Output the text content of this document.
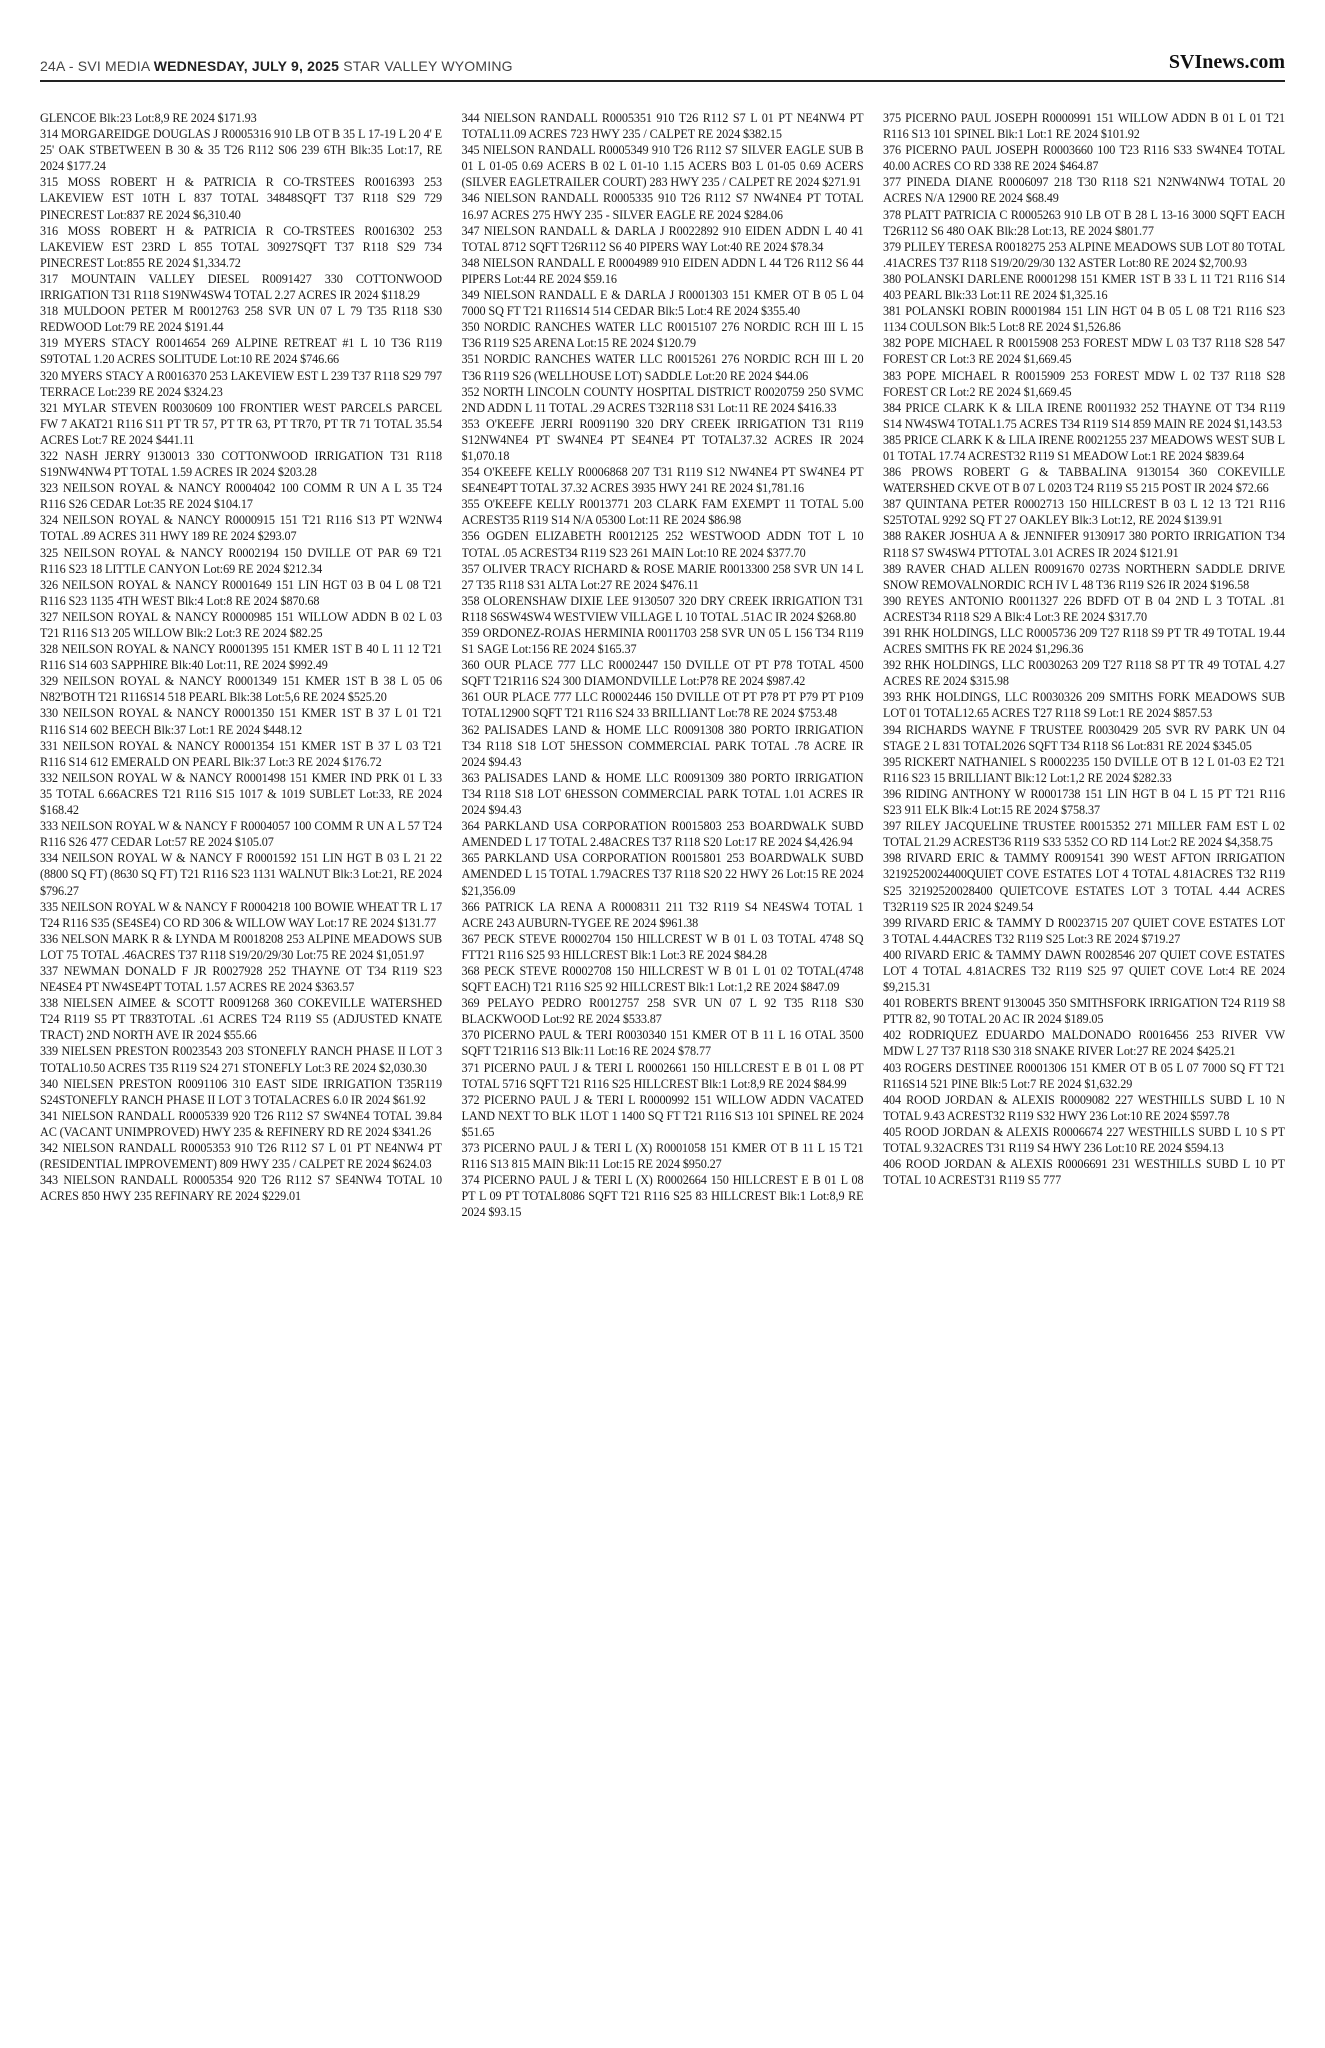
24A - SVI MEDIA WEDNESDAY, JULY 9, 2025 STAR VALLEY WYOMING	SVInews.com

GLENCOE Blk:23 Lot:8,9 RE 2024 $171.93

314 MORGAREIDGE DOUGLAS J R0005316 910 LB OT B 35 L 17-19 L 20 4' E 25' OAK STBETWEEN B 30 & 35 T26 R112 S06 239 6TH Blk:35 Lot:17, RE 2024 $177.24

315 MOSS ROBERT H & PATRICIA R CO-TRSTEES R0016393 253 LAKEVIEW EST 10TH L 837 TOTAL 34848SQFT T37 R118 S29 729 PINECREST Lot:837 RE 2024 $6,310.40

316 MOSS ROBERT H & PATRICIA R CO-TRSTEES R0016302 253 LAKEVIEW EST 23RD L 855 TOTAL 30927SQFT T37 R118 S29 734 PINECREST Lot:855 RE 2024 $1,334.72

317 MOUNTAIN VALLEY DIESEL R0091427 330 COTTONWOOD IRRIGATION T31 R118 S19NW4SW4 TOTAL 2.27 ACRES IR 2024 $118.29

318 MULDOON PETER M R0012763 258 SVR UN 07 L 79 T35 R118 S30 REDWOOD Lot:79 RE 2024 $191.44

319 MYERS STACY R0014654 269 ALPINE RETREAT #1 L 10 T36 R119 S9TOTAL 1.20 ACRES SOLITUDE Lot:10 RE 2024 $746.66

320 MYERS STACY A R0016370 253 LAKEVIEW EST L 239 T37 R118 S29 797 TERRACE Lot:239 RE 2024 $324.23

321 MYLAR STEVEN R0030609 100 FRONTIER WEST PARCELS PARCEL FW 7 AKAT21 R116 S11 PT TR 57, PT TR 63, PT TR70, PT TR 71 TOTAL 35.54 ACRES Lot:7 RE 2024 $441.11

322 NASH JERRY 9130013 330 COTTONWOOD IRRIGATION T31 R118 S19NW4NW4 PT TOTAL 1.59 ACRES IR 2024 $203.28

323 NEILSON ROYAL & NANCY R0004042 100 COMM R UN A L 35 T24 R116 S26 CEDAR Lot:35 RE 2024 $104.17

324 NEILSON ROYAL & NANCY R0000915 151 T21 R116 S13 PT W2NW4 TOTAL .89 ACRES 311 HWY 189 RE 2024 $293.07

325 NEILSON ROYAL & NANCY R0002194 150 DVILLE OT PAR 69 T21 R116 S23 18 LITTLE CANYON Lot:69 RE 2024 $212.34

326 NEILSON ROYAL & NANCY R0001649 151 LIN HGT 03 B 04 L 08 T21 R116 S23 1135 4TH WEST Blk:4 Lot:8 RE 2024 $870.68

327 NEILSON ROYAL & NANCY R0000985 151 WILLOW ADDN B 02 L 03 T21 R116 S13 205 WILLOW Blk:2 Lot:3 RE 2024 $82.25

328 NEILSON ROYAL & NANCY R0001395 151 KMER 1ST B 40 L 11 12 T21 R116 S14 603 SAPPHIRE Blk:40 Lot:11, RE 2024 $992.49

329 NEILSON ROYAL & NANCY R0001349 151 KMER 1ST B 38 L 05 06 N82'BOTH T21 R116S14 518 PEARL Blk:38 Lot:5,6 RE 2024 $525.20

330 NEILSON ROYAL & NANCY R0001350 151 KMER 1ST B 37 L 01 T21 R116 S14 602 BEECH Blk:37 Lot:1 RE 2024 $448.12

331 NEILSON ROYAL & NANCY R0001354 151 KMER 1ST B 37 L 03 T21 R116 S14 612 EMERALD ON PEARL Blk:37 Lot:3 RE 2024 $176.72

332 NEILSON ROYAL W & NANCY R0001498 151 KMER IND PRK 01 L 33 35 TOTAL 6.66ACRES T21 R116 S15 1017 & 1019 SUBLET Lot:33, RE 2024 $168.42

333 NEILSON ROYAL W & NANCY F R0004057 100 COMM R UN A L 57 T24 R116 S26 477 CEDAR Lot:57 RE 2024 $105.07

334 NEILSON ROYAL W & NANCY F R0001592 151 LIN HGT B 03 L 21 22 (8800 SQ FT) (8630 SQ FT) T21 R116 S23 1131 WALNUT Blk:3 Lot:21, RE 2024 $796.27

335 NEILSON ROYAL W & NANCY F R0004218 100 BOWIE WHEAT TR L 17 T24 R116 S35 (SE4SE4) CO RD 306 & WILLOW WAY Lot:17 RE 2024 $131.77

336 NELSON MARK R & LYNDA M R0018208 253 ALPINE MEADOWS SUB LOT 75 TOTAL .46ACRES T37 R118 S19/20/29/30 Lot:75 RE 2024 $1,051.97

337 NEWMAN DONALD F JR R0027928 252 THAYNE OT T34 R119 S23 NE4SE4 PT NW4SE4PT TOTAL 1.57 ACRES RE 2024 $363.57

338 NIELSEN AIMEE & SCOTT R0091268 360 COKEVILLE WATERSHED T24 R119 S5 PT TR83TOTAL .61 ACRES T24 R119 S5 (ADJUSTED KNATE TRACT) 2ND NORTH AVE IR 2024 $55.66

339 NIELSEN PRESTON R0023543 203 STONEFLY RANCH PHASE II LOT 3 TOTAL10.50 ACRES T35 R119 S24 271 STONEFLY Lot:3 RE 2024 $2,030.30

340 NIELSEN PRESTON R0091106 310 EAST SIDE IRRIGATION T35R119 S24STONEFLY RANCH PHASE II LOT 3 TOTALACRES 6.0 IR 2024 $61.92

341 NIELSON RANDALL R0005339 920 T26 R112 S7 SW4NE4 TOTAL 39.84 AC (VACANT UNIMPROVED) HWY 235 & REFINERY RD RE 2024 $341.26

342 NIELSON RANDALL R0005353 910 T26 R112 S7 L 01 PT NE4NW4 PT (RESIDENTIAL IMPROVEMENT) 809 HWY 235 / CALPET RE 2024 $624.03

343 NIELSON RANDALL R0005354 920 T26 R112 S7 SE4NW4 TOTAL 10 ACRES 850 HWY 235 REFINARY RE 2024 $229.01

344 NIELSON RANDALL R0005351 910 T26 R112 S7 L 01 PT NE4NW4 PT TOTAL11.09 ACRES 723 HWY 235 / CALPET RE 2024 $382.15

345 NIELSON RANDALL R0005349 910 T26 R112 S7 SILVER EAGLE SUB B 01 L 01-05 0.69 ACERS B 02 L 01-10 1.15 ACERS B03 L 01-05 0.69 ACERS (SILVER EAGLETRAILER COURT) 283 HWY 235 / CALPET RE 2024 $271.91

346 NIELSON RANDALL R0005335 910 T26 R112 S7 NW4NE4 PT TOTAL 16.97 ACRES 275 HWY 235 - SILVER EAGLE RE 2024 $284.06

347 NIELSON RANDALL & DARLA J R0022892 910 EIDEN ADDN L 40 41 TOTAL 8712 SQFT T26R112 S6 40 PIPERS WAY Lot:40 RE 2024 $78.34

348 NIELSON RANDALL E R0004989 910 EIDEN ADDN L 44 T26 R112 S6 44 PIPERS Lot:44 RE 2024 $59.16

349 NIELSON RANDALL E & DARLA J R0001303 151 KMER OT B 05 L 04 7000 SQ FT T21 R116S14 514 CEDAR Blk:5 Lot:4 RE 2024 $355.40

350 NORDIC RANCHES WATER LLC R0015107 276 NORDIC RCH III L 15 T36 R119 S25 ARENA Lot:15 RE 2024 $120.79

351 NORDIC RANCHES WATER LLC R0015261 276 NORDIC RCH III L 20 T36 R119 S26 (WELLHOUSE LOT) SADDLE Lot:20 RE 2024 $44.06

352 NORTH LINCOLN COUNTY HOSPITAL DISTRICT R0020759 250 SVMC 2ND ADDN L 11 TOTAL .29 ACRES T32R118 S31 Lot:11 RE 2024 $416.33

353 O'KEEFE JERRI R0091190 320 DRY CREEK IRRIGATION T31 R119 S12NW4NE4 PT SW4NE4 PT SE4NE4 PT TOTAL37.32 ACRES IR 2024 $1,070.18

354 O'KEEFE KELLY R0006868 207 T31 R119 S12 NW4NE4 PT SW4NE4 PT SE4NE4PT TOTAL 37.32 ACRES 3935 HWY 241 RE 2024 $1,781.16

355 O'KEEFE KELLY R0013771 203 CLARK FAM EXEMPT 11 TOTAL 5.00 ACREST35 R119 S14 N/A 05300 Lot:11 RE 2024 $86.98

356 OGDEN ELIZABETH R0012125 252 WESTWOOD ADDN TOT L 10 TOTAL .05 ACREST34 R119 S23 261 MAIN Lot:10 RE 2024 $377.70

357 OLIVER TRACY RICHARD & ROSE MARIE R0013300 258 SVR UN 14 L 27 T35 R118 S31 ALTA Lot:27 RE 2024 $476.11

358 OLORENSHAW DIXIE LEE 9130507 320 DRY CREEK IRRIGATION T31 R118 S6SW4SW4 WESTVIEW VILLAGE L 10 TOTAL .51AC IR 2024 $268.80

359 ORDONEZ-ROJAS HERMINIA R0011703 258 SVR UN 05 L 156 T34 R119 S1 SAGE Lot:156 RE 2024 $165.37

360 OUR PLACE 777 LLC R0002447 150 DVILLE OT PT P78 TOTAL 4500 SQFT T21R116 S24 300 DIAMONDVILLE Lot:P78 RE 2024 $987.42

361 OUR PLACE 777 LLC R0002446 150 DVILLE OT PT P78 PT P79 PT P109 TOTAL12900 SQFT T21 R116 S24 33 BRILLIANT Lot:78 RE 2024 $753.48

362 PALISADES LAND & HOME LLC R0091308 380 PORTO IRRIGATION T34 R118 S18 LOT 5HESSON COMMERCIAL PARK TOTAL .78 ACRE IR 2024 $94.43

363 PALISADES LAND & HOME LLC R0091309 380 PORTO IRRIGATION T34 R118 S18 LOT 6HESSON COMMERCIAL PARK TOTAL 1.01 ACRES IR 2024 $94.43

364 PARKLAND USA CORPORATION R0015803 253 BOARDWALK SUBD AMENDED L 17 TOTAL 2.48ACRES T37 R118 S20 Lot:17 RE 2024 $4,426.94

365 PARKLAND USA CORPORATION R0015801 253 BOARDWALK SUBD AMENDED L 15 TOTAL 1.79ACRES T37 R118 S20 22 HWY 26 Lot:15 RE 2024 $21,356.09

366 PATRICK LA RENA A R0008311 211 T32 R119 S4 NE4SW4 TOTAL 1 ACRE 243 AUBURN-TYGEE RE 2024 $961.38

367 PECK STEVE R0002704 150 HILLCREST W B 01 L 03 TOTAL 4748 SQ FTT21 R116 S25 93 HILLCREST Blk:1 Lot:3 RE 2024 $84.28

368 PECK STEVE R0002708 150 HILLCREST W B 01 L 01 02 TOTAL(4748 SQFT EACH) T21 R116 S25 92 HILLCREST Blk:1 Lot:1,2 RE 2024 $847.09

369 PELAYO PEDRO R0012757 258 SVR UN 07 L 92 T35 R118 S30 BLACKWOOD Lot:92 RE 2024 $533.87

370 PICERNO PAUL & TERI R0030340 151 KMER OT B 11 L 16 OTAL 3500 SQFT T21R116 S13 Blk:11 Lot:16 RE 2024 $78.77

371 PICERNO PAUL J & TERI L R0002661 150 HILLCREST E B 01 L 08 PT TOTAL 5716 SQFT T21 R116 S25 HILLCREST Blk:1 Lot:8,9 RE 2024 $84.99

372 PICERNO PAUL J & TERI L R0000992 151 WILLOW ADDN VACATED LAND NEXT TO BLK 1LOT 1 1400 SQ FT T21 R116 S13 101 SPINEL RE 2024 $51.65

373 PICERNO PAUL J & TERI L (X) R0001058 151 KMER OT B 11 L 15 T21 R116 S13 815 MAIN Blk:11 Lot:15 RE 2024 $950.27

374 PICERNO PAUL J & TERI L (X) R0002664 150 HILLCREST E B 01 L 08 PT L 09 PT TOTAL8086 SQFT T21 R116 S25 83 HILLCREST Blk:1 Lot:8,9 RE 2024 $93.15

375 PICERNO PAUL JOSEPH R0000991 151 WILLOW ADDN B 01 L 01 T21 R116 S13 101 SPINEL Blk:1 Lot:1 RE 2024 $101.92

376 PICERNO PAUL JOSEPH R0003660 100 T23 R116 S33 SW4NE4 TOTAL 40.00 ACRES CO RD 338 RE 2024 $464.87

377 PINEDA DIANE R0006097 218 T30 R118 S21 N2NW4NW4 TOTAL 20 ACRES N/A 12900 RE 2024 $68.49

378 PLATT PATRICIA C R0005263 910 LB OT B 28 L 13-16 3000 SQFT EACH T26R112 S6 480 OAK Blk:28 Lot:13, RE 2024 $801.77

379 PLILEY TERESA R0018275 253 ALPINE MEADOWS SUB LOT 80 TOTAL .41ACRES T37 R118 S19/20/29/30 132 ASTER Lot:80 RE 2024 $2,700.93

380 POLANSKI DARLENE R0001298 151 KMER 1ST B 33 L 11 T21 R116 S14 403 PEARL Blk:33 Lot:11 RE 2024 $1,325.16

381 POLANSKI ROBIN R0001984 151 LIN HGT 04 B 05 L 08 T21 R116 S23 1134 COULSON Blk:5 Lot:8 RE 2024 $1,526.86

382 POPE MICHAEL R R0015908 253 FOREST MDW L 03 T37 R118 S28 547 FOREST CR Lot:3 RE 2024 $1,669.45

383 POPE MICHAEL R R0015909 253 FOREST MDW L 02 T37 R118 S28 FOREST CR Lot:2 RE 2024 $1,669.45

384 PRICE CLARK K & LILA IRENE R0011932 252 THAYNE OT T34 R119 S14 NW4SW4 TOTAL1.75 ACRES T34 R119 S14 859 MAIN RE 2024 $1,143.53

385 PRICE CLARK K & LILA IRENE R0021255 237 MEADOWS WEST SUB L 01 TOTAL 17.74 ACREST32 R119 S1 MEADOW Lot:1 RE 2024 $839.64

386 PROWS ROBERT G & TABBALINA 9130154 360 COKEVILLE WATERSHED CKVE OT B 07 L 0203 T24 R119 S5 215 POST IR 2024 $72.66

387 QUINTANA PETER R0002713 150 HILLCREST B 03 L 12 13 T21 R116 S25TOTAL 9292 SQ FT 27 OAKLEY Blk:3 Lot:12, RE 2024 $139.91

388 RAKER JOSHUA A & JENNIFER 9130917 380 PORTO IRRIGATION T34 R118 S7 SW4SW4 PTTOTAL 3.01 ACRES IR 2024 $121.91

389 RAVER CHAD ALLEN R0091670 0273S NORTHERN SADDLE DRIVE SNOW REMOVALNORDIC RCH IV L 48 T36 R119 S26 IR 2024 $196.58

390 REYES ANTONIO R0011327 226 BDFD OT B 04 2ND L 3 TOTAL .81 ACREST34 R118 S29 A Blk:4 Lot:3 RE 2024 $317.70

391 RHK HOLDINGS, LLC R0005736 209 T27 R118 S9 PT TR 49 TOTAL 19.44 ACRES SMITHS FK RE 2024 $1,296.36

392 RHK HOLDINGS, LLC R0030263 209 T27 R118 S8 PT TR 49 TOTAL 4.27 ACRES RE 2024 $315.98

393 RHK HOLDINGS, LLC R0030326 209 SMITHS FORK MEADOWS SUB LOT 01 TOTAL12.65 ACRES T27 R118 S9 Lot:1 RE 2024 $857.53

394 RICHARDS WAYNE F TRUSTEE R0030429 205 SVR RV PARK UN 04 STAGE 2 L 831 TOTAL2026 SQFT T34 R118 S6 Lot:831 RE 2024 $345.05

395 RICKERT NATHANIEL S R0002235 150 DVILLE OT B 12 L 01-03 E2 T21 R116 S23 15 BRILLIANT Blk:12 Lot:1,2 RE 2024 $282.33

396 RIDING ANTHONY W R0001738 151 LIN HGT B 04 L 15 PT T21 R116 S23 911 ELK Blk:4 Lot:15 RE 2024 $758.37

397 RILEY JACQUELINE TRUSTEE R0015352 271 MILLER FAM EST L 02 TOTAL 21.29 ACREST36 R119 S33 5352 CO RD 114 Lot:2 RE 2024 $4,358.75

398 RIVARD ERIC & TAMMY R0091541 390 WEST AFTON IRRIGATION 32192520024400QUIET COVE ESTATES LOT 4 TOTAL 4.81ACRES T32 R119 S25 32192520028400 QUIETCOVE ESTATES LOT 3 TOTAL 4.44 ACRES T32R119 S25 IR 2024 $249.54

399 RIVARD ERIC & TAMMY D R0023715 207 QUIET COVE ESTATES LOT 3 TOTAL 4.44ACRES T32 R119 S25 Lot:3 RE 2024 $719.27

400 RIVARD ERIC & TAMMY DAWN R0028546 207 QUIET COVE ESTATES LOT 4 TOTAL 4.81ACRES T32 R119 S25 97 QUIET COVE Lot:4 RE 2024 $9,215.31

401 ROBERTS BRENT 9130045 350 SMITHSFORK IRRIGATION T24 R119 S8 PTTR 82, 90 TOTAL 20 AC IR 2024 $189.05

402 RODRIQUEZ EDUARDO MALDONADO R0016456 253 RIVER VW MDW L 27 T37 R118 S30 318 SNAKE RIVER Lot:27 RE 2024 $425.21

403 ROGERS DESTINEE R0001306 151 KMER OT B 05 L 07 7000 SQ FT T21 R116S14 521 PINE Blk:5 Lot:7 RE 2024 $1,632.29

404 ROOD JORDAN & ALEXIS R0009082 227 WESTHILLS SUBD L 10 N TOTAL 9.43 ACREST32 R119 S32 HWY 236 Lot:10 RE 2024 $597.78

405 ROOD JORDAN & ALEXIS R0006674 227 WESTHILLS SUBD L 10 S PT TOTAL 9.32ACRES T31 R119 S4 HWY 236 Lot:10 RE 2024 $594.13

406 ROOD JORDAN & ALEXIS R0006691 231 WESTHILLS SUBD L 10 PT TOTAL 10 ACREST31 R119 S5 777
